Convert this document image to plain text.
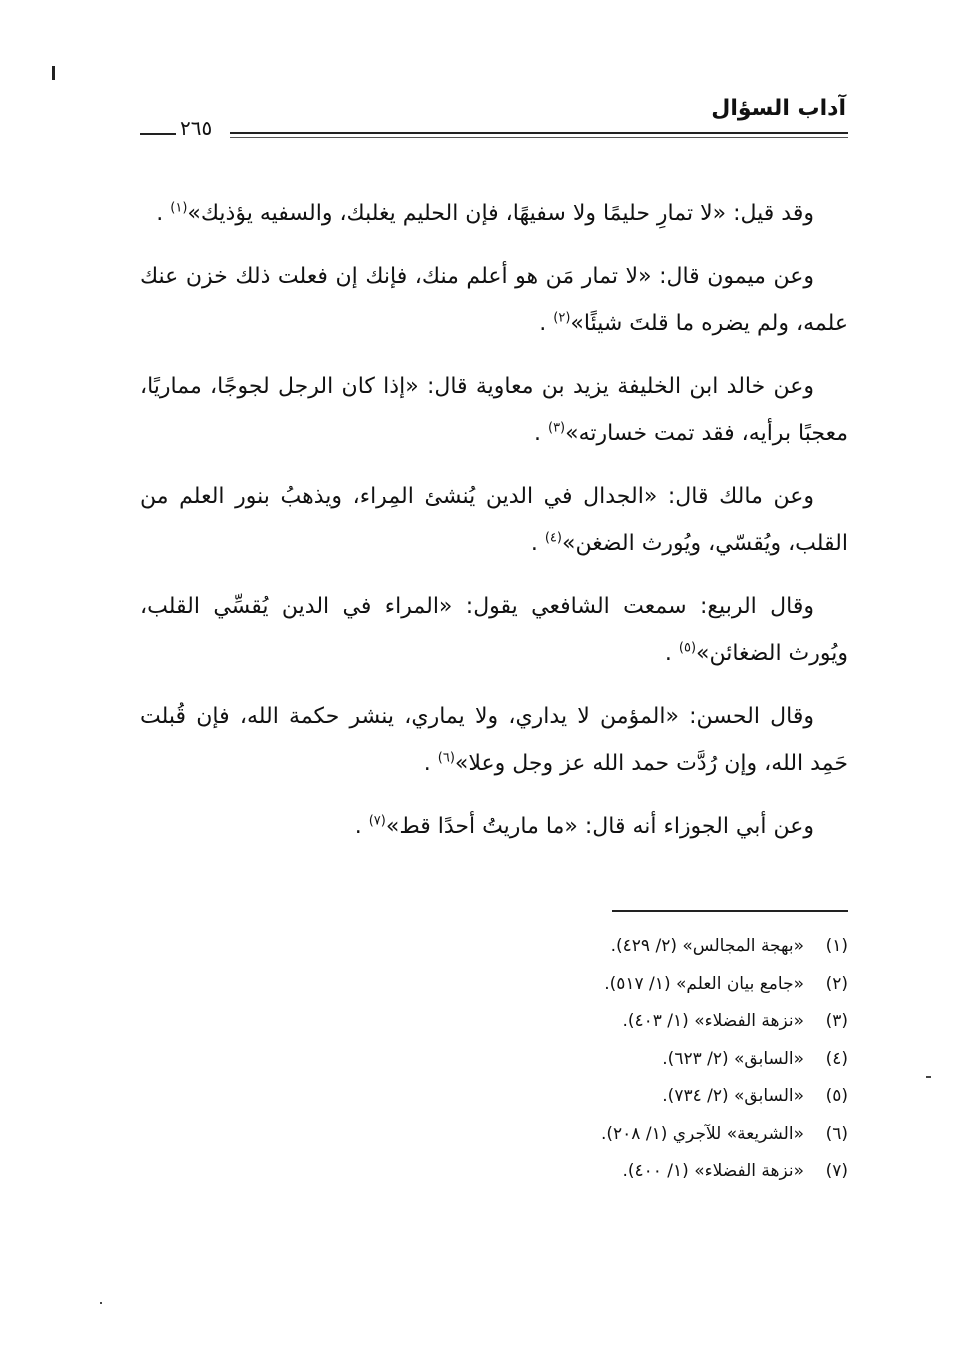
آداب السؤال
٢٦٥

وقد قيل: «لا تمارِ حليمًا ولا سفيهًا، فإن الحليم يغلبك، والسفيه يؤذيك»$^{(١)}$ .

وعن ميمون قال: «لا تمار مَن هو أعلم منك، فإنك إن فعلت ذلك خزن عنك علمه، ولم يضره ما قلتَ شيئًا»$^{(٢)}$ .

وعن خالد ابن الخليفة يزيد بن معاوية قال: «إذا كان الرجل لجوجًا، مماريًا، معجبًا برأيه، فقد تمت خسارته»$^{(٣)}$ .

وعن مالك قال: «الجدال في الدين يُنشئ المِراء، ويذهبُ بنور العلم من القلب، ويُقسّي، ويُورث الضغن»$^{(٤)}$ .

وقال الربيع: سمعت الشافعي يقول: «المراء في الدين يُقسِّي القلب، ويُورث الضغائن»$^{(٥)}$ .

وقال الحسن: «المؤمن لا يداري، ولا يماري، ينشر حكمة الله، فإن قُبلت حَمِد الله، وإن رُدَّت حمد الله عز وجل وعلا»$^{(٦)}$ .

وعن أبي الجوزاء أنه قال: «ما ماريتُ أحدًا قط»$^{(٧)}$ .

(١)«بهجة المجالس» (٢/ ٤٢٩).
(٢)«جامع بيان العلم» (١/ ٥١٧).
(٣)«نزهة الفضلاء» (١/ ٤٠٣).
(٤)«السابق» (٢/ ٦٢٣).
(٥)«السابق» (٢/ ٧٣٤).
(٦)«الشريعة» للآجري (١/ ٢٠٨).
(٧)«نزهة الفضلاء» (١/ ٤٠٠).
